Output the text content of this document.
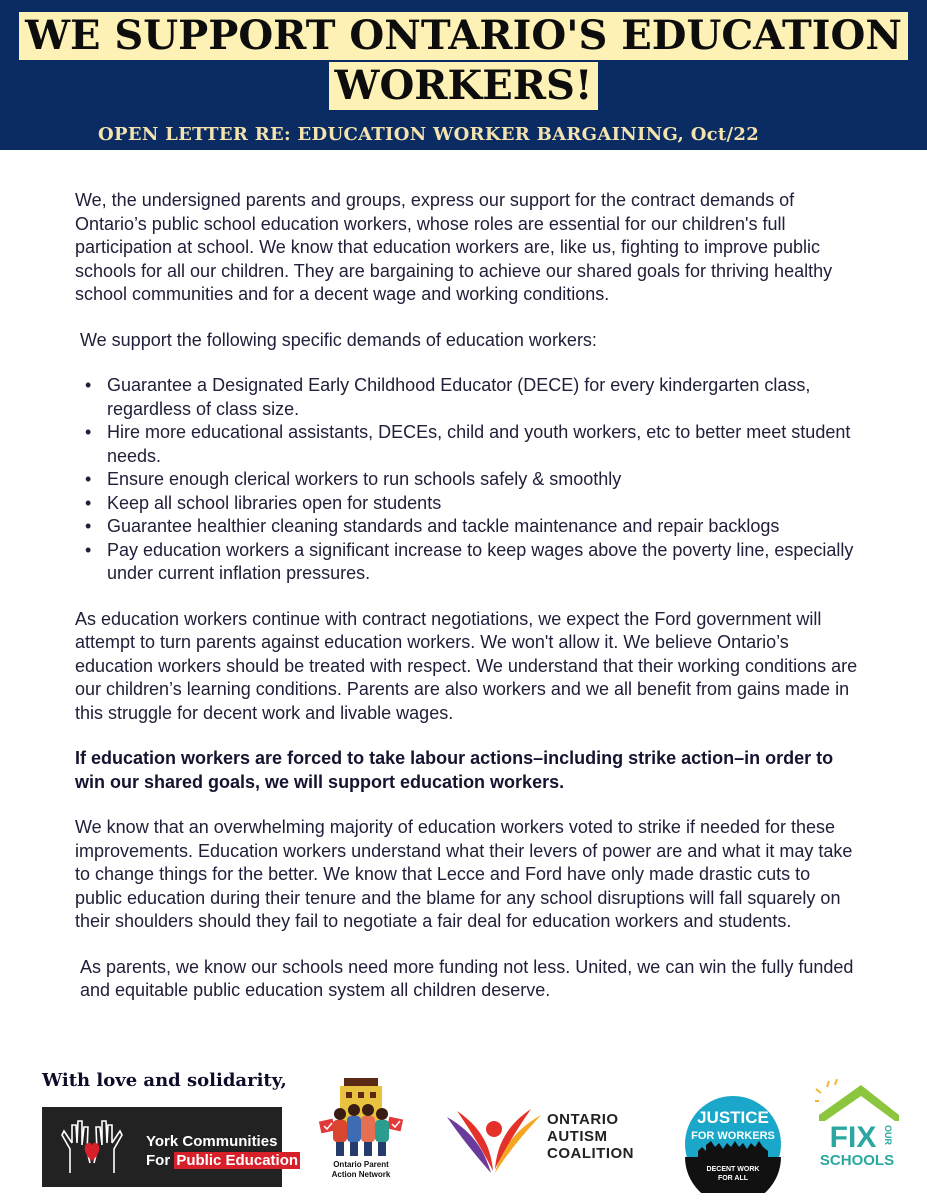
WE SUPPORT ONTARIO'S EDUCATION
WORKERS!
OPEN LETTER RE: EDUCATION WORKER BARGAINING, Oct/22

We, the undersigned parents and groups, express our support for the contract demands of Ontario’s public school education workers, whose roles are essential for our children's full participation at school. We know that education workers are, like us, fighting to improve public schools for all our children. They are bargaining to achieve our shared goals for thriving healthy school communities and for a decent wage and working conditions.

We support the following specific demands of education workers:

• Guarantee a Designated Early Childhood Educator (DECE) for every kindergarten class, regardless of class size.
• Hire more educational assistants, DECEs, child and youth workers, etc to better meet student needs.
• Ensure enough clerical workers to run schools safely & smoothly
• Keep all school libraries open for students
• Guarantee healthier cleaning standards and tackle maintenance and repair backlogs
• Pay education workers a significant increase to keep wages above the poverty line, especially under current inflation pressures.

As education workers continue with contract negotiations, we expect the Ford government will attempt to turn parents against education workers. We won't allow it. We believe Ontario’s education workers should be treated with respect. We understand that their working conditions are our children’s learning conditions. Parents are also workers and we all benefit from gains made in this struggle for decent work and livable wages.

If education workers are forced to take labour actions–including strike action–in order to win our shared goals, we will support education workers.

We know that an overwhelming majority of education workers voted to strike if needed for these improvements. Education workers understand what their levers of power are and what it may take to change things for the better. We know that Lecce and Ford have only made drastic cuts to public education during their tenure and the blame for any school disruptions will fall squarely on their shoulders should they fail to negotiate a fair deal for education workers and students.

As parents, we know our schools need more funding not less. United, we can win the fully funded and equitable public education system all children deserve.

With love and solidarity,
York Communities
For Public Education	Ontario Parent
Action Network
ONTARIO
AUTISM
COALITION
JUSTICE
FOR WORKERS
DECENT WORK
FOR ALL
FIX OUR
SCHOOLS
